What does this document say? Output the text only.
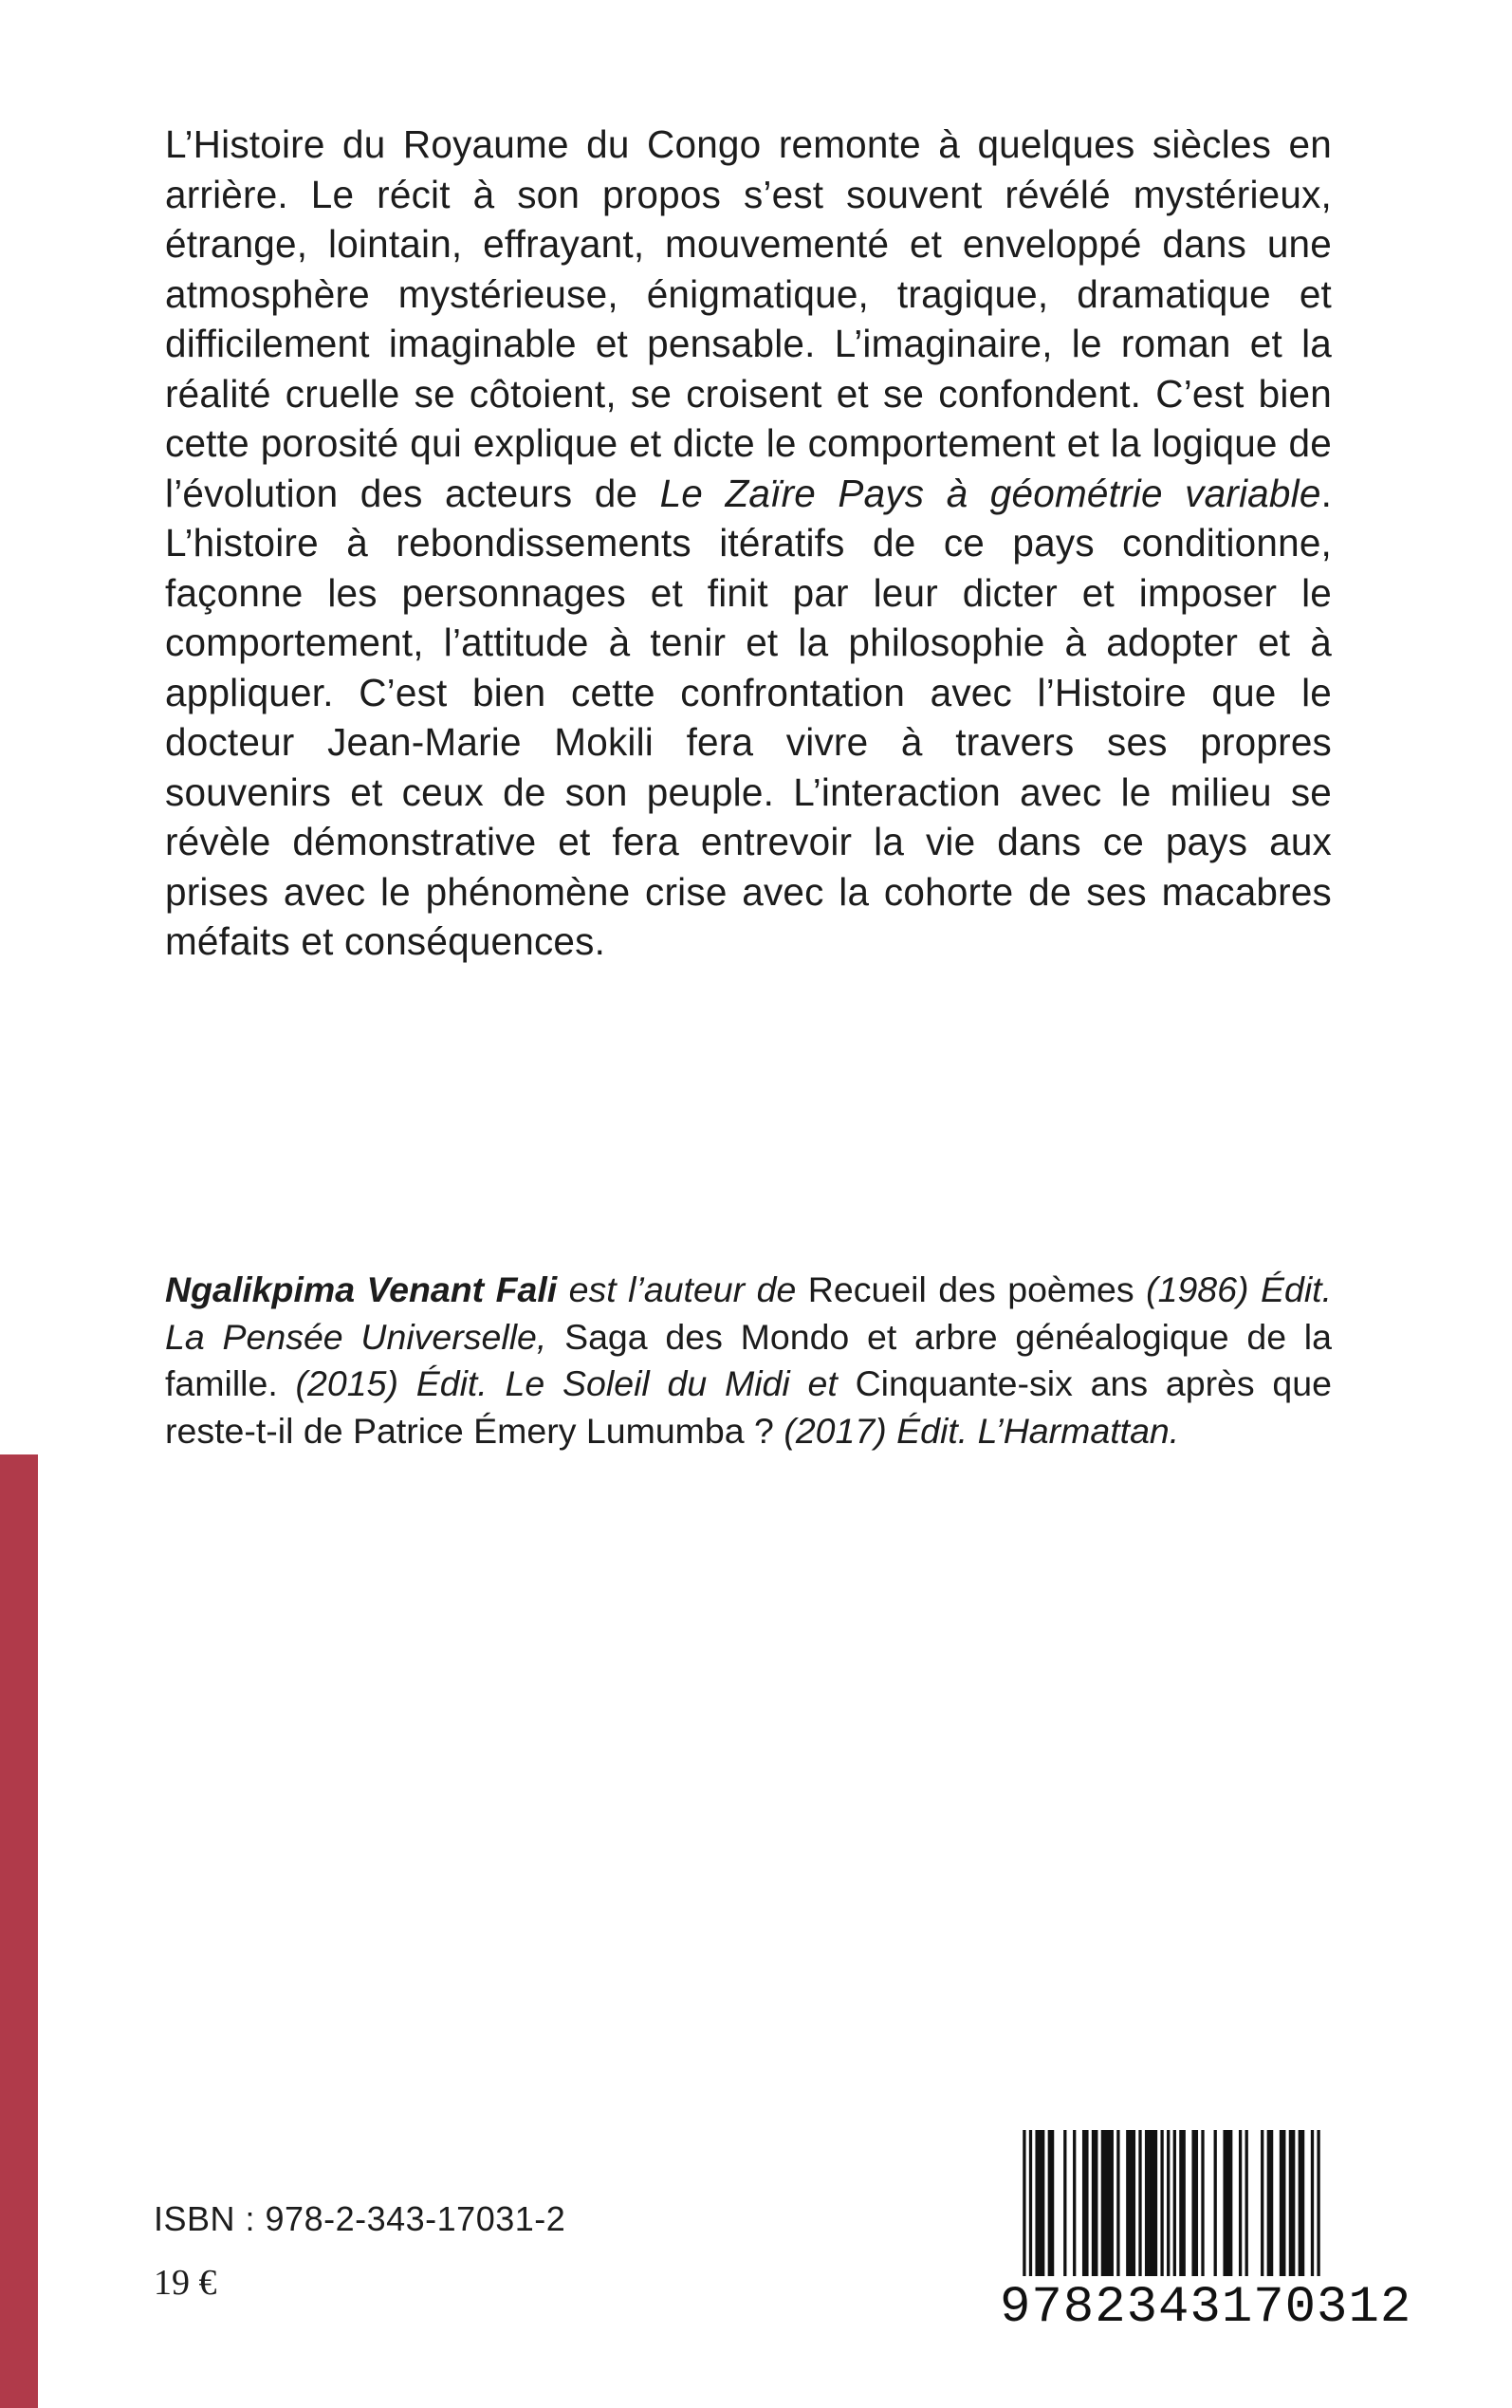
L’Histoire du Royaume du Congo remonte à quelques siècles en arrière. Le récit à son propos s’est souvent révélé mystérieux, étrange, lointain, effrayant, mouvementé et enveloppé dans une atmosphère mystérieuse, énigmatique, tragique, dramatique et difficilement imaginable et pensable. L’imaginaire, le roman et la réalité cruelle se côtoient, se croisent et se confondent. C’est bien cette porosité qui explique et dicte le comportement et la logique de l’évolution des acteurs de Le Zaïre Pays à géométrie variable. L’histoire à rebondissements itératifs de ce pays conditionne, façonne les personnages et finit par leur dicter et imposer le comportement, l’attitude à tenir et la philosophie à adopter et à appliquer. C’est bien cette confrontation avec l’Histoire que le docteur Jean-Marie Mokili fera vivre à travers ses propres souvenirs et ceux de son peuple. L’interaction avec le milieu se révèle démonstrative et fera entrevoir la vie dans ce pays aux prises avec le phénomène crise avec la cohorte de ses macabres méfaits et conséquences.

Ngalikpima Venant Fali est l’auteur de Recueil des poèmes (1986) Édit. La Pensée Universelle, Saga des Mondo et arbre généalogique de la famille. (2015) Édit. Le Soleil du Midi et Cinquante-six ans après que reste-t-il de Patrice Émery Lumumba ? (2017) Édit. L’Harmattan.

ISBN : 978-2-343-17031-2
19 €	9782343170312
